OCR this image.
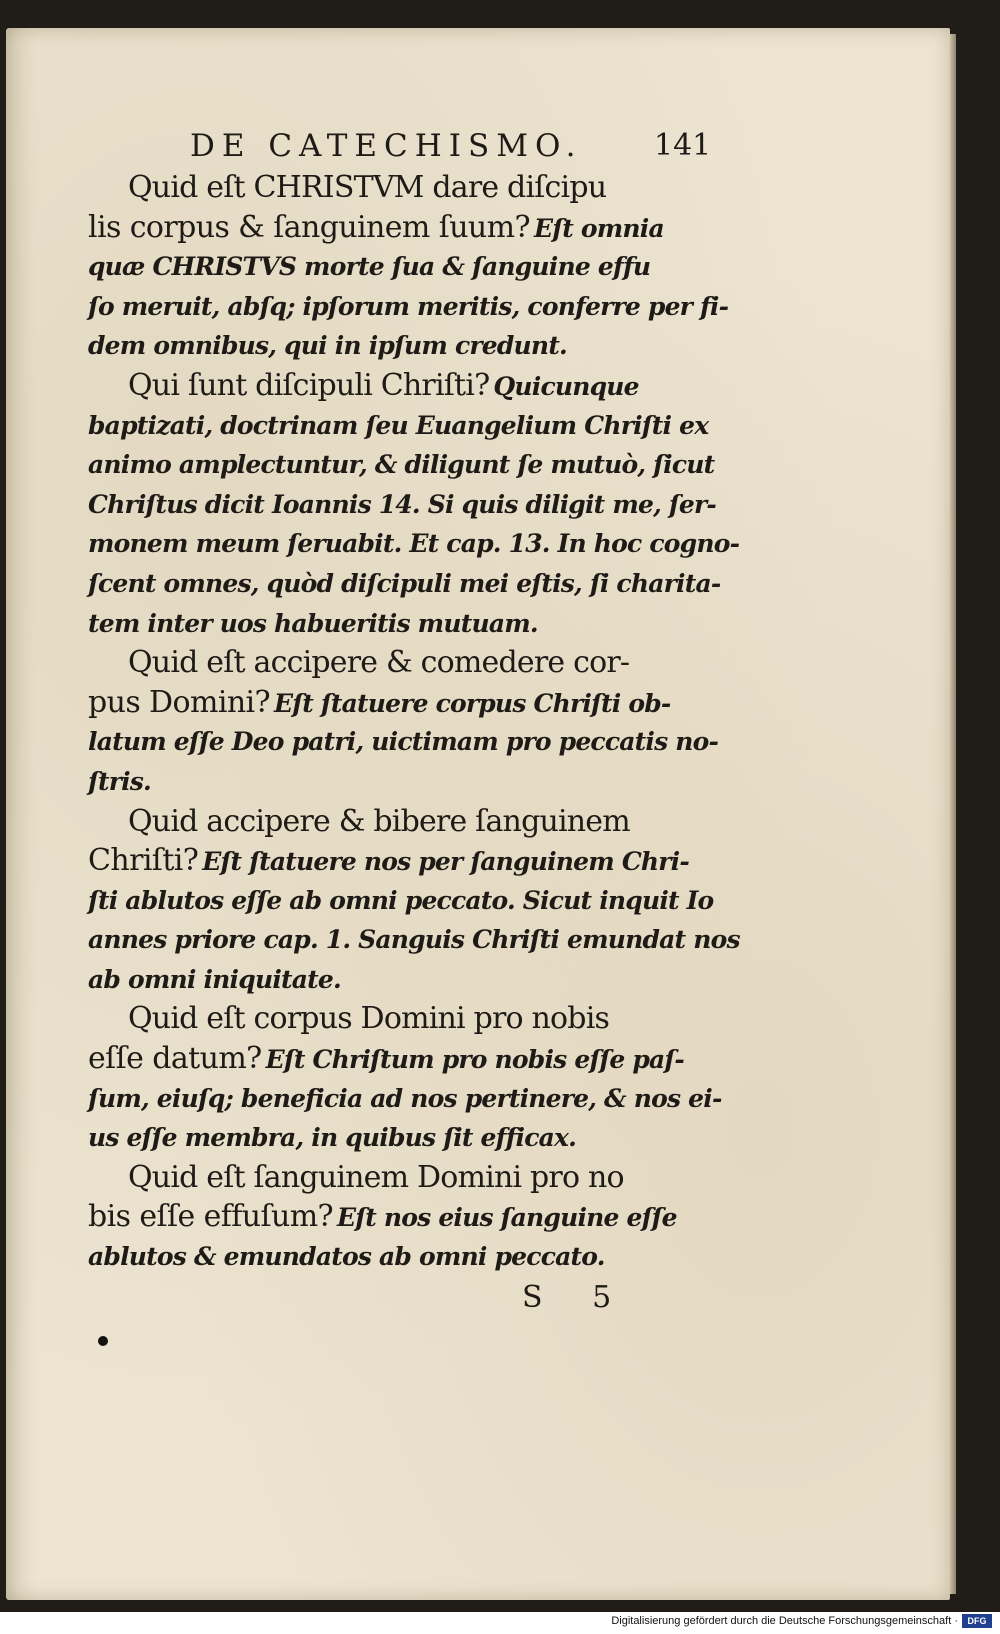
DE CATECHISMO.	141
Quid eſt CHRISTVM dare diſcipu
lis corpus & ſanguinem ſuum? Eſt omnia
quæ CHRISTVS morte ſua & ſanguine effu
ſo meruit, abſq; ipſorum meritis, conferre per fi-
dem omnibus, qui in ipſum credunt.
Qui ſunt diſcipuli Chriſti? Quicunque
baptizati, doctrinam ſeu Euangelium Chriſti ex
animo amplectuntur, & diligunt ſe mutuò, ſicut
Chriſtus dicit Ioannis 14. Si quis diligit me, ſer-
monem meum ſeruabit. Et cap. 13. In hoc cogno-
ſcent omnes, quòd diſcipuli mei eſtis, ſi charita-
tem inter uos habueritis mutuam.
Quid eſt accipere & comedere cor-
pus Domini? Eſt ſtatuere corpus Chriſti ob-
latum eſſe Deo patri, uictimam pro peccatis no-
ſtris.
Quid accipere & bibere ſanguinem
Chriſti? Eſt ſtatuere nos per ſanguinem Chri-
ſti ablutos eſſe ab omni peccato. Sicut inquit Io
annes priore cap. 1. Sanguis Chriſti emundat nos
ab omni iniquitate.
Quid eſt corpus Domini pro nobis
eſſe datum? Eſt Chriſtum pro nobis eſſe paſ-
ſum, eiuſq; beneficia ad nos pertinere, & nos ei-
us eſſe membra, in quibus ſit efficax.
Quid eſt ſanguinem Domini pro no
bis eſſe effuſum? Eſt nos eius ſanguine eſſe
ablutos & emundatos ab omni peccato.
S 5
Digitalisierung gefördert durch die Deutsche Forschungsgemeinschaft ·	DFG
